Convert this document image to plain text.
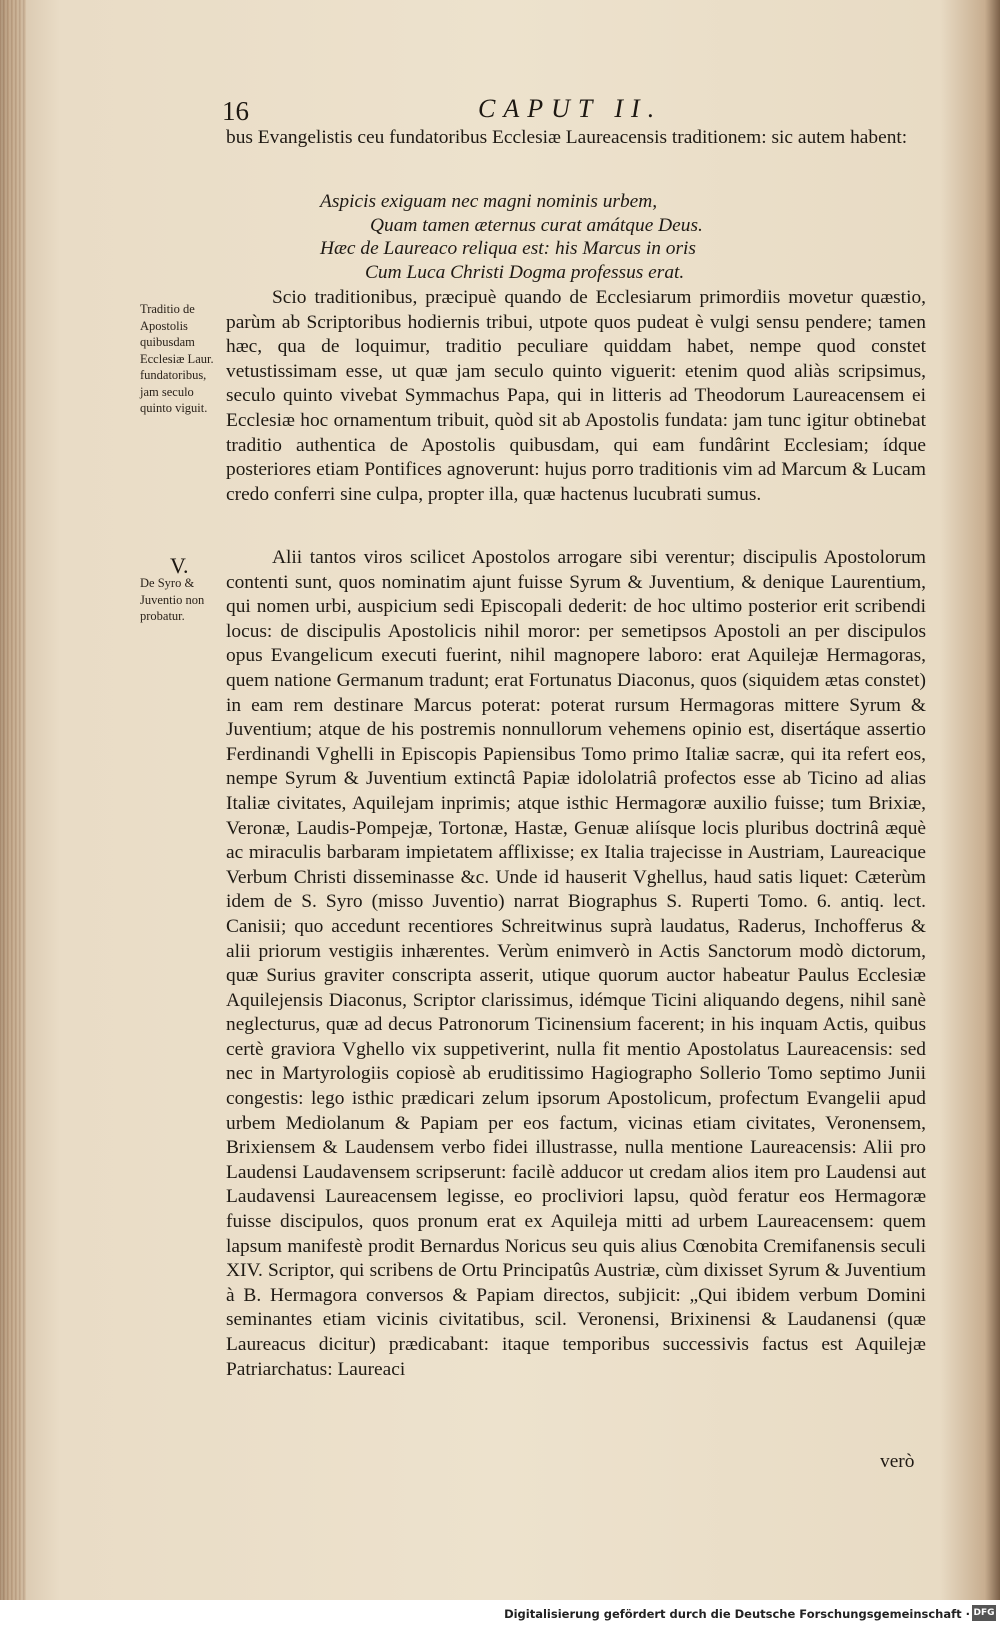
16	CAPUT II.
bus Evangelistis ceu fundatoribus Ecclesiæ Laureacensis traditionem: sic autem habent:
Aspicis exiguam nec magni nominis urbem,
Quam tamen æternus curat amátque Deus.
Hæc de Laureaco reliqua est: his Marcus in oris
Cum Luca Christi Dogma professus erat.
Traditio de Apostolis quibusdam Ecclesiæ Laur. fundatoribus, jam seculo quinto viguit.
Scio traditionibus, præcipuè quando de Ecclesiarum primordiis movetur quæstio, parùm ab Scriptoribus hodiernis tribui, utpote quos pudeat è vulgi sensu pendere; tamen hæc, qua de loquimur, traditio peculiare quiddam habet, nempe quod constet vetustissimam esse, ut quæ jam seculo quinto viguerit: etenim quod aliàs scripsimus, seculo quinto vivebat Symmachus Papa, qui in litteris ad Theodorum Laureacensem ei Ecclesiæ hoc ornamentum tribuit, quòd sit ab Apostolis fundata: jam tunc igitur obtinebat traditio authentica de Apostolis quibusdam, qui eam fundârint Ecclesiam; ídque posteriores etiam Pontifices agnoverunt: hujus porro traditionis vim ad Marcum & Lucam credo conferri sine culpa, propter illa, quæ hactenus lucubrati sumus.
V.
De Syro & Juventio non probatur.
Alii tantos viros scilicet Apostolos arrogare sibi verentur; discipulis Apostolorum contenti sunt, quos nominatim ajunt fuisse Syrum & Juventium, & denique Laurentium, qui nomen urbi, auspicium sedi Episcopali dederit: de hoc ultimo posterior erit scribendi locus: de discipulis Apostolicis nihil moror: per semetipsos Apostoli an per discipulos opus Evangelicum executi fuerint, nihil magnopere laboro: erat Aquilejæ Hermagoras, quem natione Germanum tradunt; erat Fortunatus Diaconus, quos (siquidem ætas constet) in eam rem destinare Marcus poterat: poterat rursum Hermagoras mittere Syrum & Juventium; atque de his postremis nonnullorum vehemens opinio est, disertáque assertio Ferdinandi Vghelli in Episcopis Papiensibus Tomo primo Italiæ sacræ, qui ita refert eos, nempe Syrum & Juventium extinctâ Papiæ idololatriâ profectos esse ab Ticino ad alias Italiæ civitates, Aquilejam inprimis; atque isthic Hermagoræ auxilio fuisse; tum Brixiæ, Veronæ, Laudis-Pompejæ, Tortonæ, Hastæ, Genuæ aliísque locis pluribus doctrinâ æquè ac miraculis barbaram impietatem afflixisse; ex Italia trajecisse in Austriam, Laureacique Verbum Christi disseminasse &c. Unde id hauserit Vghellus, haud satis liquet: Cæterùm idem de S. Syro (misso Juventio) narrat Biographus S. Ruperti Tomo. 6. antiq. lect. Canisii; quo accedunt recentiores Schreitwinus suprà laudatus, Raderus, Inchofferus & alii priorum vestigiis inhærentes. Verùm enimverò in Actis Sanctorum modò dictorum, quæ Surius graviter conscripta asserit, utique quorum auctor habeatur Paulus Ecclesiæ Aquilejensis Diaconus, Scriptor clarissimus, idémque Ticini aliquando degens, nihil sanè neglecturus, quæ ad decus Patronorum Ticinensium facerent; in his inquam Actis, quibus certè graviora Vghello vix suppetiverint, nulla fit mentio Apostolatus Laureacensis: sed nec in Martyrologiis copiosè ab eruditissimo Hagiographo Sollerio Tomo septimo Junii congestis: lego isthic prædicari zelum ipsorum Apostolicum, profectum Evangelii apud urbem Mediolanum & Papiam per eos factum, vicinas etiam civitates, Veronensem, Brixiensem & Laudensem verbo fidei illustrasse, nulla mentione Laureacensis: Alii pro Laudensi Laudavensem scripserunt: facilè adducor ut credam alios item pro Laudensi aut Laudavensi Laureacensem legisse, eo procliviori lapsu, quòd feratur eos Hermagoræ fuisse discipulos, quos pronum erat ex Aquileja mitti ad urbem Laureacensem: quem lapsum manifestè prodit Bernardus Noricus seu quis alius Cœnobita Cremifanensis seculi XIV. Scriptor, qui scribens de Ortu Principatûs Austriæ, cùm dixisset Syrum & Juventium à B. Hermagora conversos & Papiam directos, subjicit: „Qui ibidem verbum Domini seminantes etiam vicinis civitatibus, scil. Veronensi, Brixinensi & Laudanensi (quæ Laureacus dicitur) prædicabant: itaque temporibus successivis factus est Aquilejæ Patriarchatus: Laureaci
verò
Digitalisierung gefördert durch die Deutsche Forschungsgemeinschaft · DFG
